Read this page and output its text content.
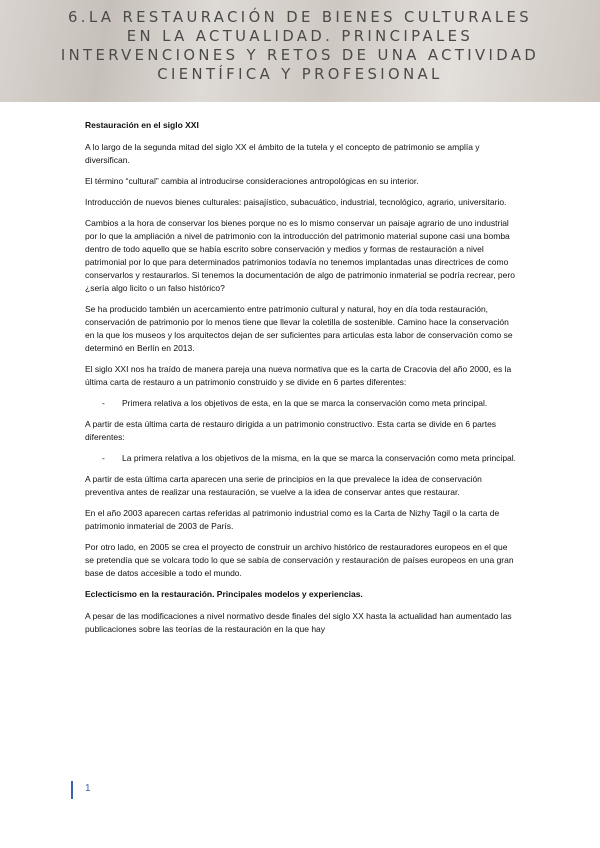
6.LA RESTAURACIÓN DE BIENES CULTURALES
EN LA ACTUALIDAD. PRINCIPALES
INTERVENCIONES Y RETOS DE UNA ACTIVIDAD
CIENTÍFICA Y PROFESIONAL

Restauración en el siglo XXI

A lo largo de la segunda mitad del siglo XX el ámbito de la tutela y el concepto de patrimonio se amplía y diversifican.

El término “cultural” cambia al introducirse consideraciones antropológicas en su interior.

Introducción de nuevos bienes culturales: paisajístico, subacuático, industrial, tecnológico, agrario, universitario.

Cambios a la hora de conservar los bienes porque no es lo mismo conservar un paisaje agrario de uno industrial por lo que la ampliación a nivel de patrimonio con la introducción del patrimonio material supone casi una bomba dentro de todo aquello que se había escrito sobre conservación y medios y formas de restauración a nivel patrimonial por lo que para determinados patrimonios todavía no tenemos implantadas unas directrices de como conservarlos y restaurarlos. Si tenemos la documentación de algo de patrimonio inmaterial se podría recrear, pero ¿sería algo licito o un falso histórico?

Se ha producido también un acercamiento entre patrimonio cultural y natural, hoy en día toda restauración, conservación de patrimonio por lo menos tiene que llevar la coletilla de sostenible. Camino hace la conservación en la que los museos y los arquitectos dejan de ser suficientes para articulas esta labor de conservación como se determinó en Berlín en 2013.

El siglo XXI nos ha traído de manera pareja una nueva normativa que es la carta de Cracovia del año 2000, es la última carta de restauro a un patrimonio construido y se divide en 6 partes diferentes:

- Primera relativa a los objetivos de esta, en la que se marca la conservación como meta principal.

A partir de esta última carta de restauro dirigida a un patrimonio constructivo. Esta carta se divide en 6 partes diferentes:

- La primera relativa a los objetivos de la misma, en la que se marca la conservación como meta principal.

A partir de esta última carta aparecen una serie de principios en la que prevalece la idea de conservación preventiva antes de realizar una restauración, se vuelve a la idea de conservar antes que restaurar.

En el año 2003 aparecen cartas referidas al patrimonio industrial como es la Carta de Nizhy Tagil o la carta de patrimonio inmaterial de 2003 de París.

Por otro lado, en 2005 se crea el proyecto de construir un archivo histórico de restauradores europeos en el que se pretendía que se volcara todo lo que se sabía de conservación y restauración de países europeos en una gran base de datos accesible a todo el mundo.

Eclecticismo en la restauración. Principales modelos y experiencias.

A pesar de las modificaciones a nivel normativo desde finales del siglo XX hasta la actualidad han aumentado las publicaciones sobre las teorías de la restauración en la que hay

1
